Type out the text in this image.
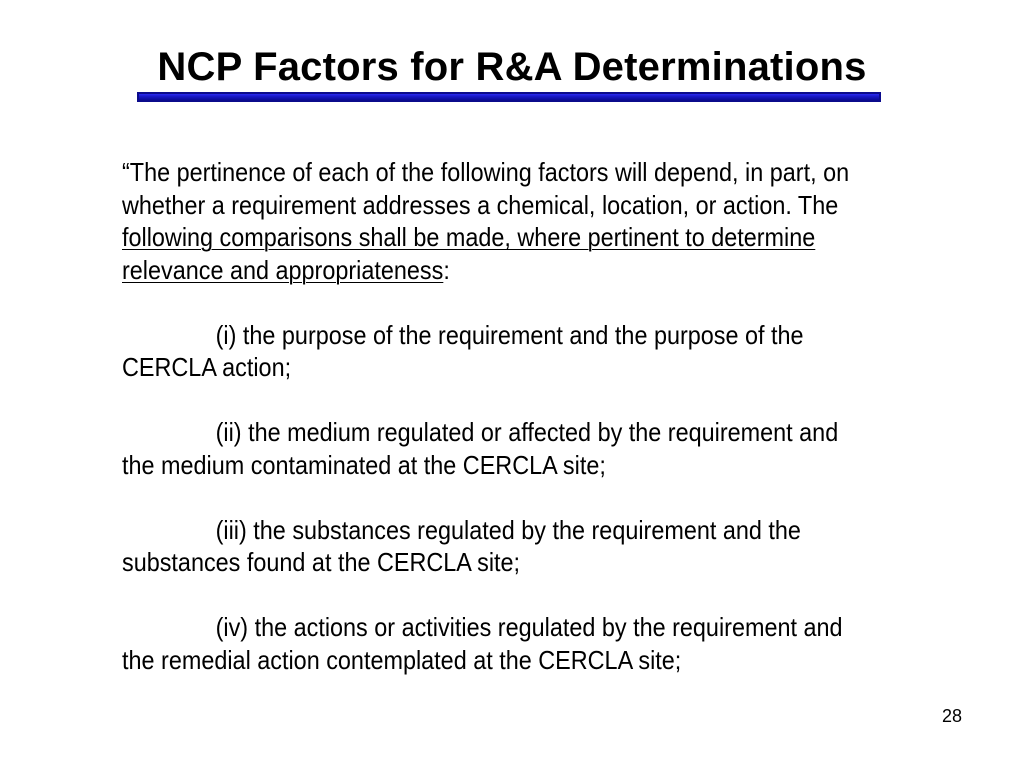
NCP Factors for R&A Determinations

“The pertinence of each of the following factors will depend, in part, on whether a requirement addresses a chemical, location, or action. The following comparisons shall be made, where pertinent to determine relevance and appropriateness:

(i) the purpose of the requirement and the purpose of the CERCLA action;

(ii) the medium regulated or affected by the requirement and the medium contaminated at the CERCLA site;

(iii) the substances regulated by the requirement and the substances found at the CERCLA site;

(iv) the actions or activities regulated by the requirement and the remedial action contemplated at the CERCLA site;

28
